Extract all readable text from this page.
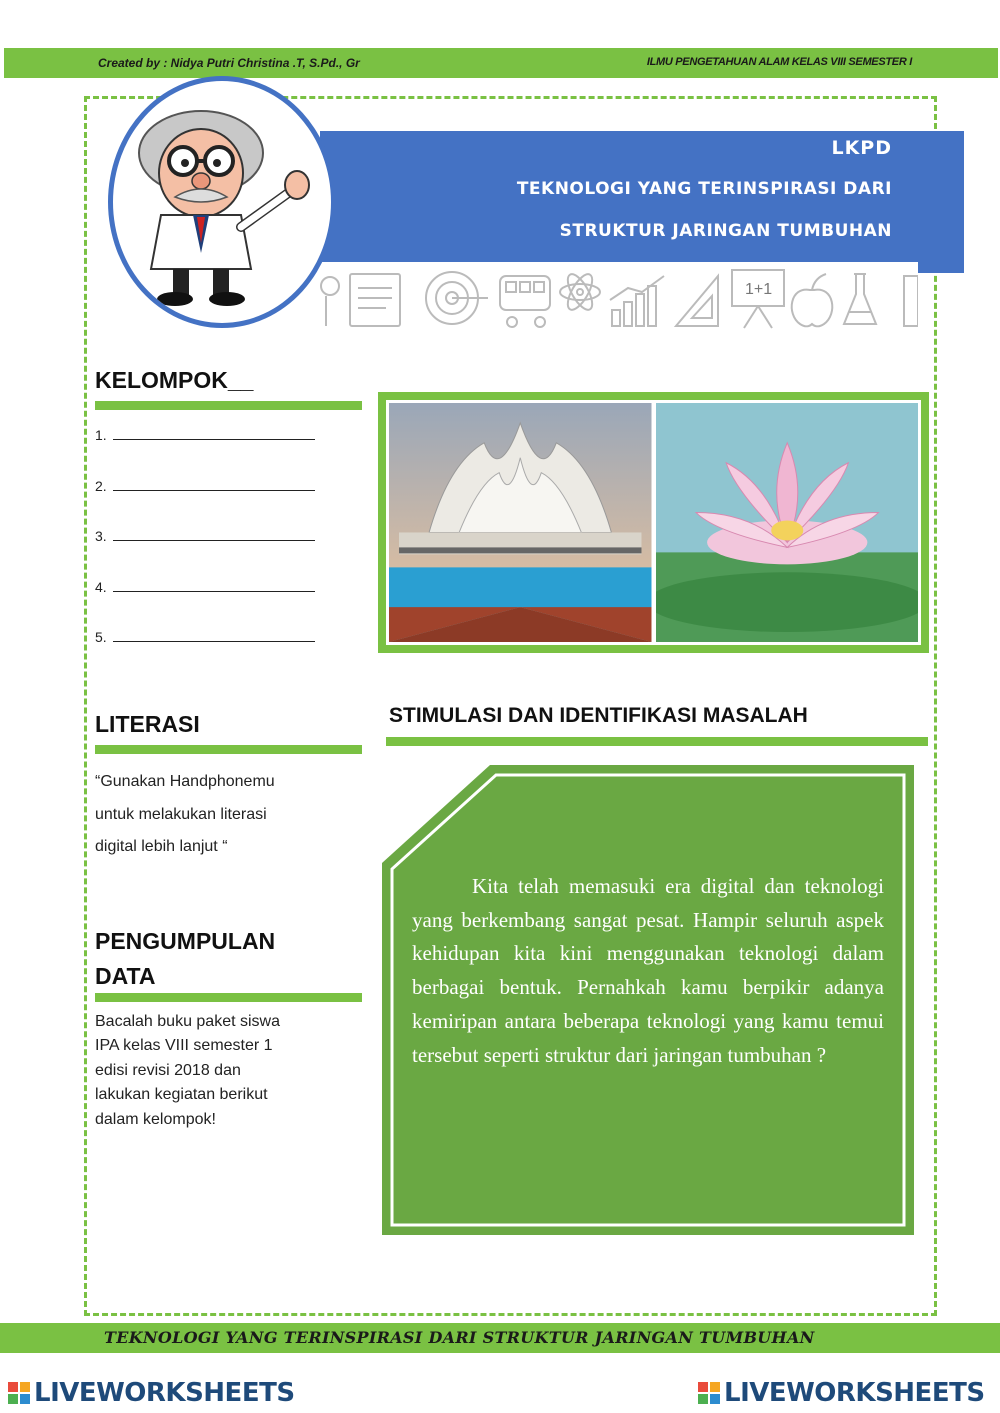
Created by : Nidya Putri Christina .T, S.Pd., Gr	ILMU PENGETAHUAN ALAM KELAS VIII SEMESTER I
LKPD
TEKNOLOGI YANG TERINSPIRASI DARI
STRUKTUR JARINGAN TUMBUHAN
1+1
KELOMPOK__
1.
2.
3.
4.
5.
LITERASI
“Gunakan Handphonemu
untuk melakukan literasi
digital lebih lanjut “
PENGUMPULAN
DATA
Bacalah buku paket siswa
IPA kelas VIII semester 1
edisi revisi 2018 dan
lakukan kegiatan berikut
dalam kelompok!
STIMULASI DAN IDENTIFIKASI MASALAH
Kita telah memasuki era digital dan teknologi yang berkembang sangat pesat. Hampir seluruh aspek kehidupan kita kini menggunakan teknologi dalam berbagai bentuk. Pernahkah kamu berpikir adanya kemiripan antara beberapa teknologi yang kamu temui tersebut seperti struktur dari jaringan tumbuhan ?
TEKNOLOGI YANG TERINSPIRASI DARI STRUKTUR JARINGAN TUMBUHAN
LIVEWORKSHEETS	LIVEWORKSHEETS
